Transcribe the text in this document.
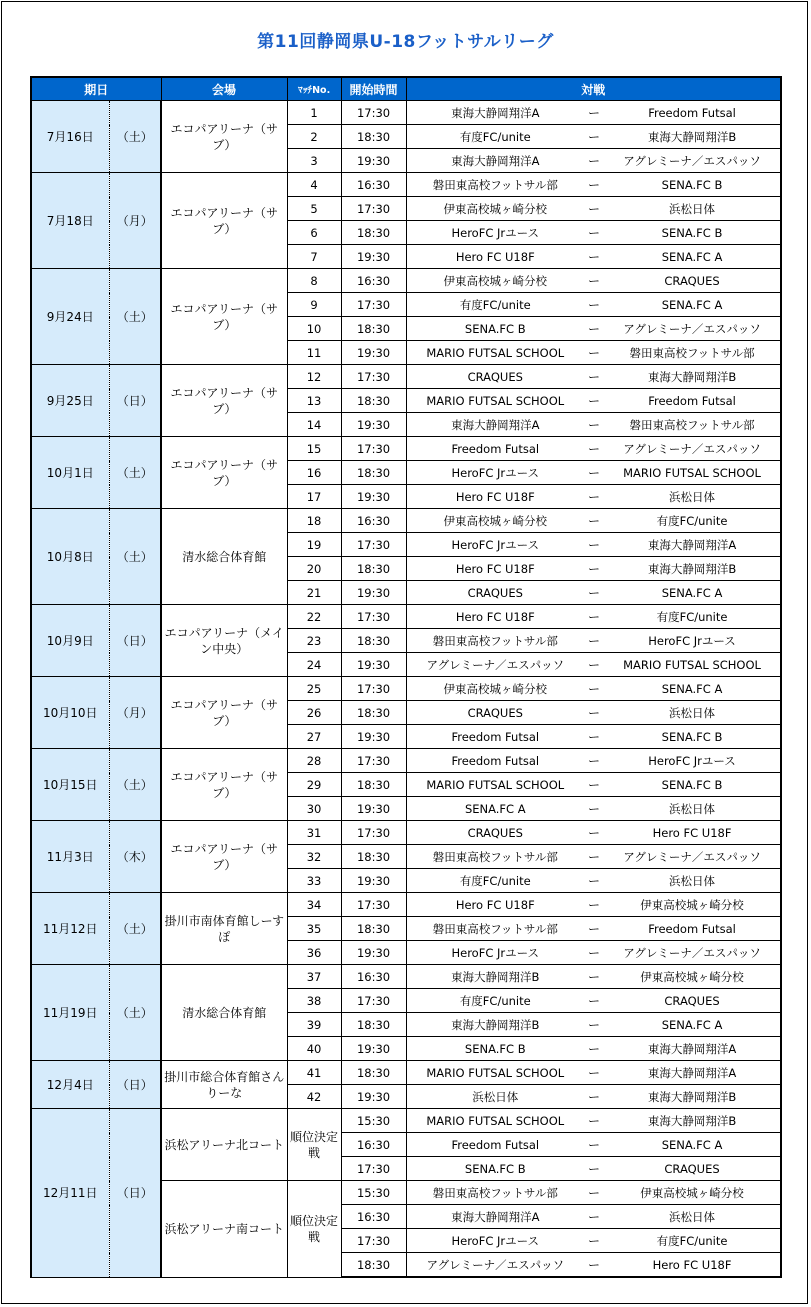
第11回静岡県U-18フットサルリーグ
期日		会場	ﾏｯﾁNo.	開始時間	対戦		
7月16日	（土）	エコパアリーナ（サブ）	1	17:30	東海大静岡翔洋A	ー	Freedom Futsal
			2	18:30	有度FC/unite	ー	東海大静岡翔洋B
			3	19:30	東海大静岡翔洋A	ー	アグレミーナ／エスパッソ
7月18日	（月）	エコパアリーナ（サブ）	4	16:30	磐田東高校フットサル部	ー	SENA.FC B
			5	17:30	伊東高校城ヶ崎分校	ー	浜松日体
			6	18:30	HeroFC Jrユース	ー	SENA.FC B
			7	19:30	Hero FC U18F	ー	SENA.FC A
9月24日	（土）	エコパアリーナ（サブ）	8	16:30	伊東高校城ヶ崎分校	ー	CRAQUES
			9	17:30	有度FC/unite	ー	SENA.FC A
			10	18:30	SENA.FC B	ー	アグレミーナ／エスパッソ
			11	19:30	MARIO FUTSAL SCHOOL	ー	磐田東高校フットサル部
9月25日	（日）	エコパアリーナ（サブ）	12	17:30	CRAQUES	ー	東海大静岡翔洋B
			13	18:30	MARIO FUTSAL SCHOOL	ー	Freedom Futsal
			14	19:30	東海大静岡翔洋A	ー	磐田東高校フットサル部
10月1日	（土）	エコパアリーナ（サブ）	15	17:30	Freedom Futsal	ー	アグレミーナ／エスパッソ
			16	18:30	HeroFC Jrユース	ー	MARIO FUTSAL SCHOOL
			17	19:30	Hero FC U18F	ー	浜松日体
10月8日	（土）	清水総合体育館	18	16:30	伊東高校城ヶ崎分校	ー	有度FC/unite
			19	17:30	HeroFC Jrユース	ー	東海大静岡翔洋A
			20	18:30	Hero FC U18F	ー	東海大静岡翔洋B
			21	19:30	CRAQUES	ー	SENA.FC A
10月9日	（日）	エコパアリーナ（メイン中央）	22	17:30	Hero FC U18F	ー	有度FC/unite
			23	18:30	磐田東高校フットサル部	ー	HeroFC Jrユース
			24	19:30	アグレミーナ／エスパッソ	ー	MARIO FUTSAL SCHOOL
10月10日	（月）	エコパアリーナ（サブ）	25	17:30	伊東高校城ヶ崎分校	ー	SENA.FC A
			26	18:30	CRAQUES	ー	浜松日体
			27	19:30	Freedom Futsal	ー	SENA.FC B
10月15日	（土）	エコパアリーナ（サブ）	28	17:30	Freedom Futsal	ー	HeroFC Jrユース
			29	18:30	MARIO FUTSAL SCHOOL	ー	SENA.FC B
			30	19:30	SENA.FC A	ー	浜松日体
11月3日	（木）	エコパアリーナ（サブ）	31	17:30	CRAQUES	ー	Hero FC U18F
			32	18:30	磐田東高校フットサル部	ー	アグレミーナ／エスパッソ
			33	19:30	有度FC/unite	ー	浜松日体
11月12日	（土）	掛川市南体育館しーすぽ	34	17:30	Hero FC U18F	ー	伊東高校城ヶ崎分校
			35	18:30	磐田東高校フットサル部	ー	Freedom Futsal
			36	19:30	HeroFC Jrユース	ー	アグレミーナ／エスパッソ
11月19日	（土）	清水総合体育館	37	16:30	東海大静岡翔洋B	ー	伊東高校城ヶ崎分校
			38	17:30	有度FC/unite	ー	CRAQUES
			39	18:30	東海大静岡翔洋B	ー	SENA.FC A
			40	19:30	SENA.FC B	ー	東海大静岡翔洋A
12月4日	（日）	掛川市総合体育館さんりーな	41	18:30	MARIO FUTSAL SCHOOL	ー	東海大静岡翔洋A
			42	19:30	浜松日体	ー	東海大静岡翔洋B
12月11日	（日）	浜松アリーナ北コート	順位決定戦	15:30	MARIO FUTSAL SCHOOL	ー	東海大静岡翔洋B
				16:30	Freedom Futsal	ー	SENA.FC A
				17:30	SENA.FC B	ー	CRAQUES
		浜松アリーナ南コート	順位決定戦	15:30	磐田東高校フットサル部	ー	伊東高校城ヶ崎分校
				16:30	東海大静岡翔洋A	ー	浜松日体
				17:30	HeroFC Jrユース	ー	有度FC/unite
				18:30	アグレミーナ／エスパッソ	ー	Hero FC U18F
